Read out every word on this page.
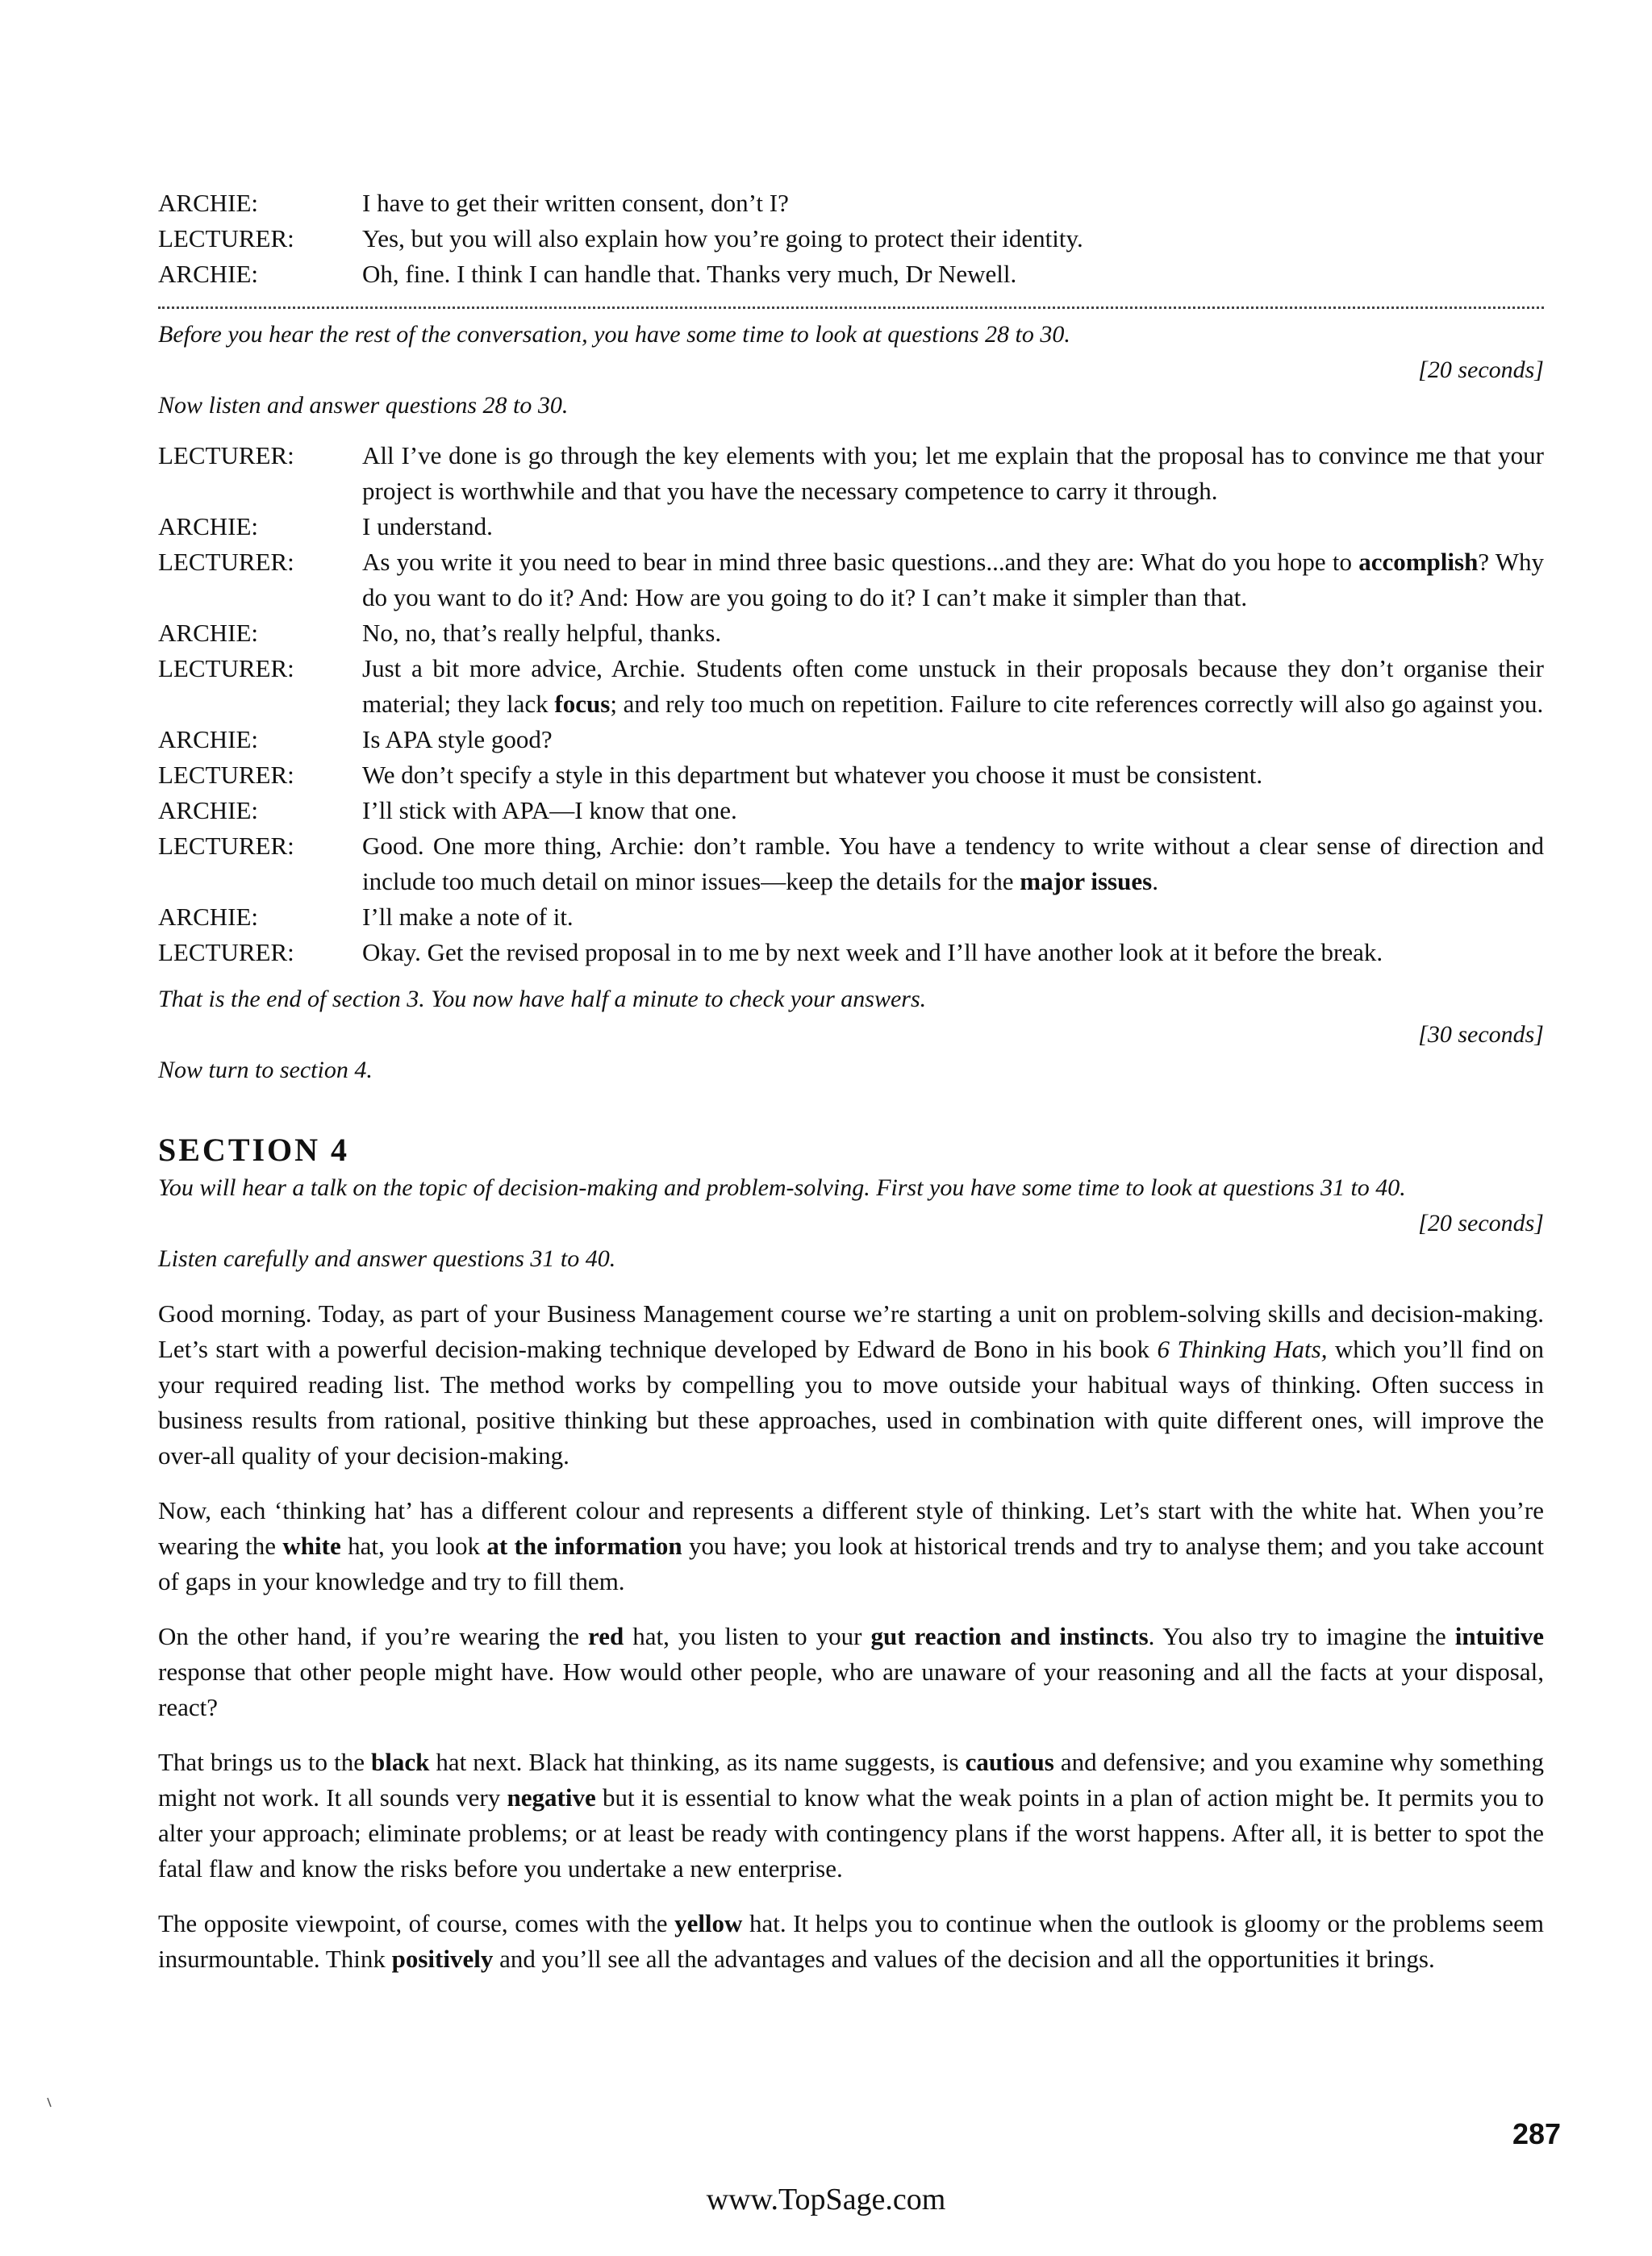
ARCHIE:	I have to get their written consent, don’t I?
LECTURER:	Yes, but you will also explain how you’re going to protect their identity.
ARCHIE:	Oh, fine. I think I can handle that. Thanks very much, Dr Newell.
Before you hear the rest of the conversation, you have some time to look at questions 28 to 30.
[20 seconds]
Now listen and answer questions 28 to 30.
LECTURER:	All I’ve done is go through the key elements with you; let me explain that the proposal has to convince me that your project is worthwhile and that you have the necessary competence to carry it through.
ARCHIE:	I understand.
LECTURER:	As you write it you need to bear in mind three basic questions...and they are: What do you hope to accomplish? Why do you want to do it? And: How are you going to do it? I can’t make it simpler than that.
ARCHIE:	No, no, that’s really helpful, thanks.
LECTURER:	Just a bit more advice, Archie. Students often come unstuck in their proposals because they don’t organise their material; they lack focus; and rely too much on repetition. Failure to cite references correctly will also go against you.
ARCHIE:	Is APA style good?
LECTURER:	We don’t specify a style in this department but whatever you choose it must be consistent.
ARCHIE:	I’ll stick with APA—I know that one.
LECTURER:	Good. One more thing, Archie: don’t ramble. You have a tendency to write without a clear sense of direction and include too much detail on minor issues—keep the details for the major issues.
ARCHIE:	I’ll make a note of it.
LECTURER:	Okay. Get the revised proposal in to me by next week and I’ll have another look at it before the break.
That is the end of section 3. You now have half a minute to check your answers.
[30 seconds]
Now turn to section 4.
SECTION 4
You will hear a talk on the topic of decision-making and problem-solving. First you have some time to look at questions 31 to 40.
[20 seconds]
Listen carefully and answer questions 31 to 40.
Good morning. Today, as part of your Business Management course we’re starting a unit on problem-solving skills and decision-making. Let’s start with a powerful decision-making technique developed by Edward de Bono in his book 6 Thinking Hats, which you’ll find on your required reading list. The method works by compelling you to move outside your habitual ways of thinking. Often success in business results from rational, positive thinking but these approaches, used in combination with quite different ones, will improve the over-all quality of your decision-making.
Now, each ‘thinking hat’ has a different colour and represents a different style of thinking. Let’s start with the white hat. When you’re wearing the white hat, you look at the information you have; you look at historical trends and try to analyse them; and you take account of gaps in your knowledge and try to fill them.
On the other hand, if you’re wearing the red hat, you listen to your gut reaction and instincts. You also try to imagine the intuitive response that other people might have. How would other people, who are unaware of your reasoning and all the facts at your disposal, react?
That brings us to the black hat next. Black hat thinking, as its name suggests, is cautious and defensive; and you examine why something might not work. It all sounds very negative but it is essential to know what the weak points in a plan of action might be. It permits you to alter your approach; eliminate problems; or at least be ready with contingency plans if the worst happens. After all, it is better to spot the fatal flaw and know the risks before you undertake a new enterprise.
The opposite viewpoint, of course, comes with the yellow hat. It helps you to continue when the outlook is gloomy or the problems seem insurmountable. Think positively and you’ll see all the advantages and values of the decision and all the opportunities it brings.
287
www.TopSage.com
